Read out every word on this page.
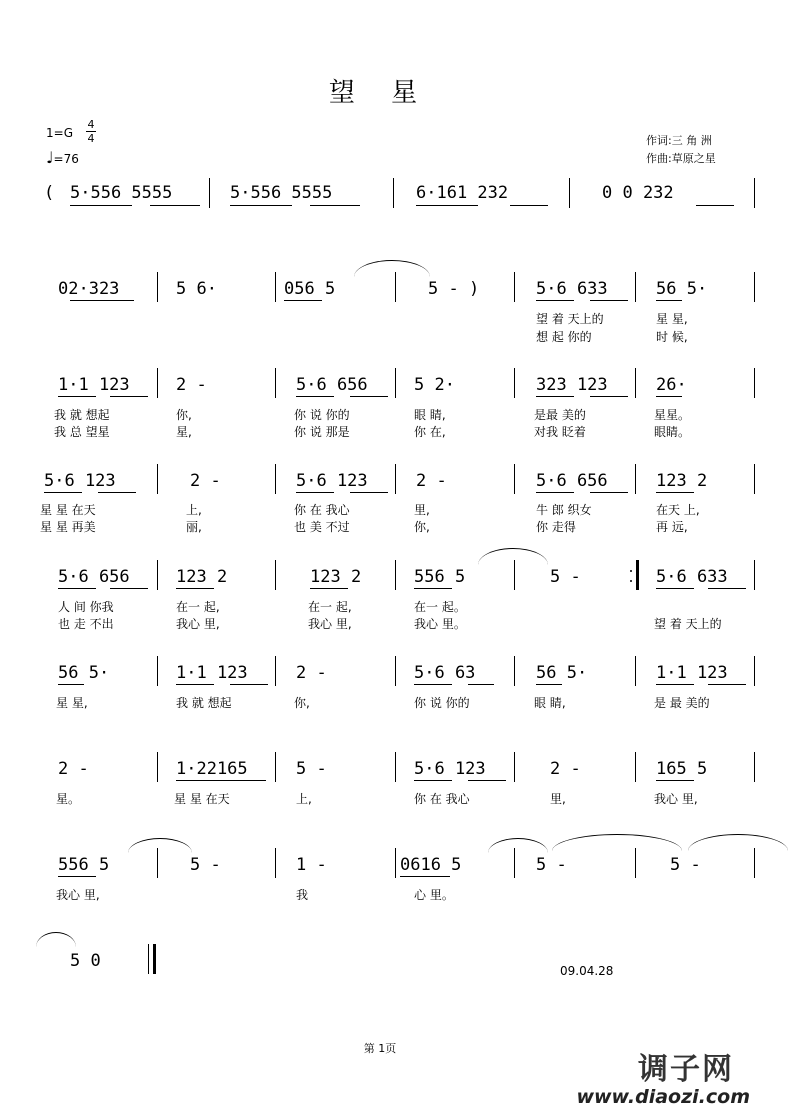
望 星
1=G
4
4
♩=76
作词:三 角 洲
作曲:草原之星
( 5·556 5555	5·556 5555	6·161 232	0 0 232
02·323	5 6·	056 5	5 - )	5·6 633	56 5·
望 着 天上的	星 星,
想 起 你的	时 候,
1·1 123	2 -	5·6 656	5 2·	323 123	26·
我 就 想起	你,	你 说 你的	眼 睛,	是最 美的	星星。
我 总 望星	星,	你 说 那是	你 在,	对我 眨着	眼睛。
5·6 123	2 -	5·6 123	2 -	5·6 656	123 2
星 星 在天	上,	你 在 我心	里,	牛 郎 织女	在天 上,
星 星 再美	丽,	也 美 不过	你,	你 走得	再 远,
5·6 656	123 2	123 2	556 5	5 -	5·6 633
人 间 你我	在一 起,	在一 起,	在一 起。
也 走 不出	我心 里,	我心 里,	我心 里。	望 着 天上的
56 5·	1·1 123	2 -	5·6 63	56 5·	1·1 123
星 星,	我 就 想起	你,	你 说 你的	眼 睛,	是 最 美的
2 -	1·22165	5 -	5·6 123	2 -	165 5
星。	星 星 在天	上,	你 在 我心	里,	我心 里,
556 5	5 -	1 -	0616 5	5 -	5 -
我心 里,	我	心 里。
5 0	09.04.28
第 1页
调子网
www.diaozi.com
